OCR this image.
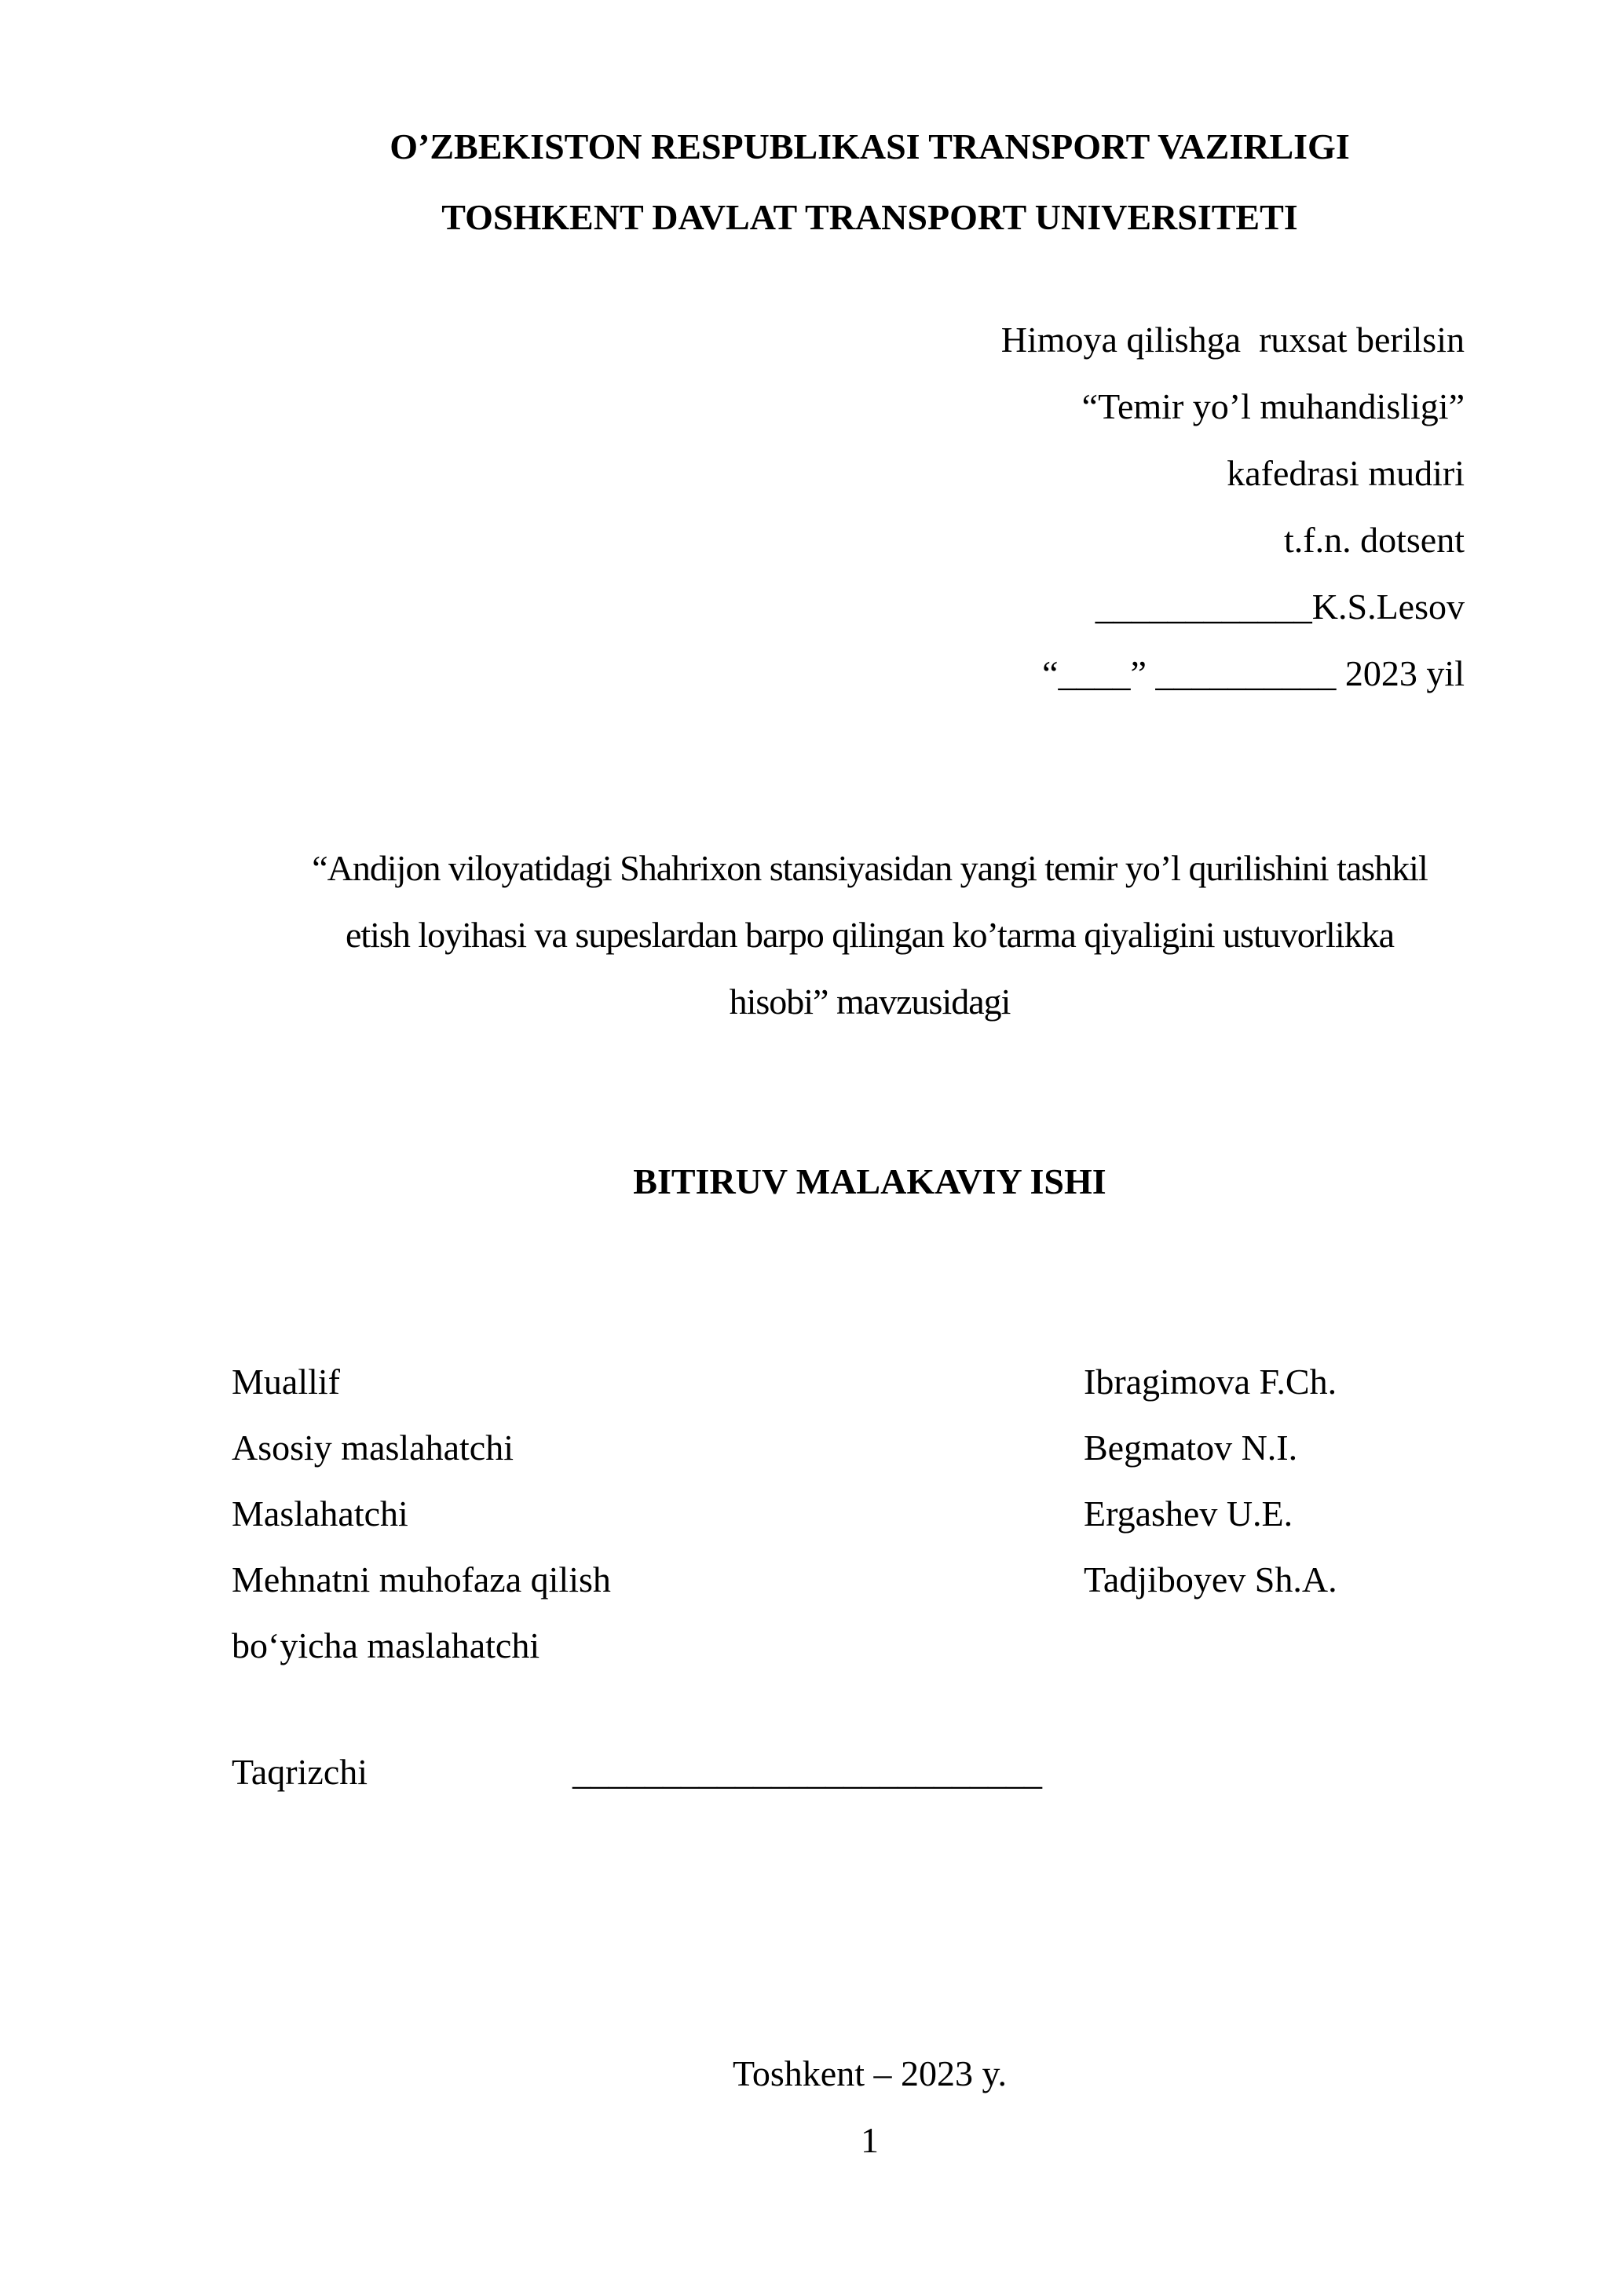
O’ZBEKISTON RESPUBLIKASI TRANSPORT VAZIRLIGI
TOSHKENT DAVLAT TRANSPORT UNIVERSITETI
Himoya qilishga  ruxsat berilsin
“Temir yo’l muhandisligi”
kafedrasi mudiri
t.f.n. dotsent
____________K.S.Lesov
“____” __________ 2023 yil
“Andijon viloyatidagi Shahrixon stansiyasidan yangi temir yo’l qurilishini tashkil
etish loyihasi va supeslardan barpo qilingan ko’tarma qiyaligini ustuvorlikka
hisobi” mavzusidagi
BITIRUV MALAKAVIY ISHI
Muallif	Ibragimova F.Ch.
Asosiy maslahatchi	Begmatov N.I.
Maslahatchi	Ergashev U.E.
Mehnatni muhofaza qilish	Tadjiboyev Sh.A.
boʻyicha maslahatchi
Taqrizchi	__________________________
Toshkent – 2023 y.
1
